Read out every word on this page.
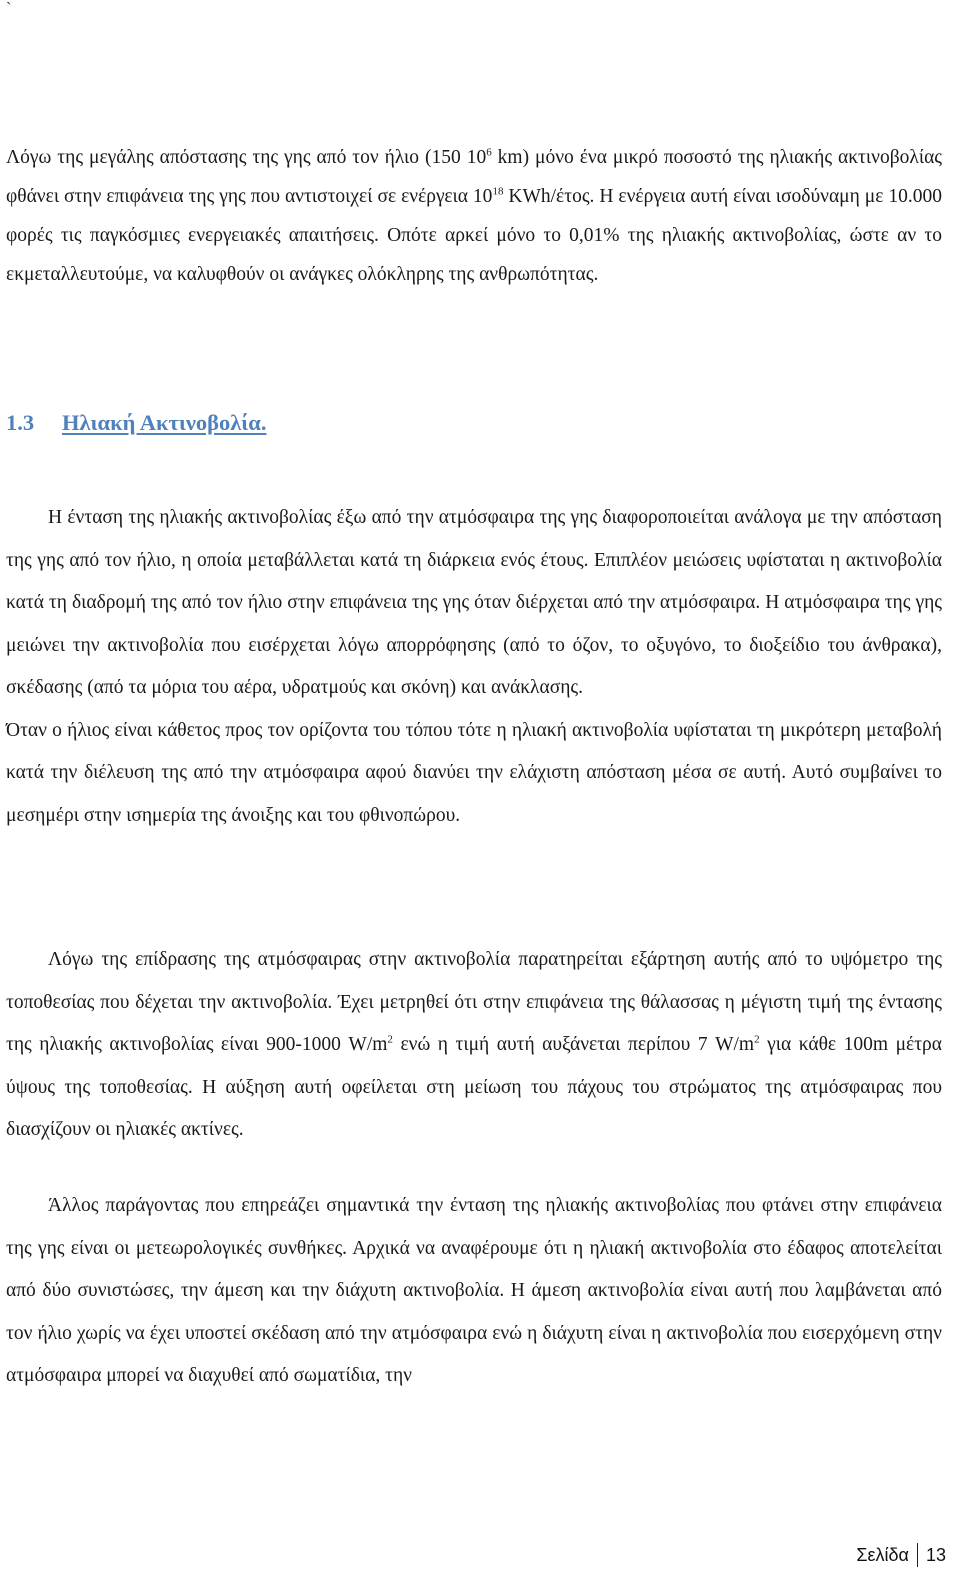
`

Λόγω της μεγάλης απόστασης της γης από τον ήλιο (150 $10^6$ km) μόνο ένα μικρό ποσοστό της ηλιακής ακτινοβολίας φθάνει στην επιφάνεια της γης που αντιστοιχεί σε ενέργεια $10^{18}$ KWh/έτος. Η ενέργεια αυτή είναι ισοδύναμη με 10.000 φορές τις παγκόσμιες ενεργειακές απαιτήσεις. Οπότε αρκεί μόνο το 0,01% της ηλιακής ακτινοβολίας, ώστε αν το εκμεταλλευτούμε, να καλυφθούν οι ανάγκες ολόκληρης της ανθρωπότητας.

1.3 Ηλιακή Ακτινοβολία.

Η ένταση της ηλιακής ακτινοβολίας έξω από την ατμόσφαιρα της γης διαφοροποιείται ανάλογα με την απόσταση της γης από τον ήλιο, η οποία μεταβάλλεται κατά τη διάρκεια ενός έτους. Επιπλέον μειώσεις υφίσταται η ακτινοβολία κατά τη διαδρομή της από τον ήλιο στην επιφάνεια της γης όταν διέρχεται από την ατμόσφαιρα. Η ατμόσφαιρα της γης μειώνει την ακτινοβολία που εισέρχεται λόγω απορρόφησης (από το όζον, το οξυγόνο, το διοξείδιο του άνθρακα), σκέδασης (από τα μόρια του αέρα, υδρατμούς και σκόνη) και ανάκλασης.
Όταν ο ήλιος είναι κάθετος προς τον ορίζοντα του τόπου τότε η ηλιακή ακτινοβολία υφίσταται τη μικρότερη μεταβολή κατά την διέλευση της από την ατμόσφαιρα αφού διανύει την ελάχιστη απόσταση μέσα σε αυτή. Αυτό συμβαίνει το μεσημέρι στην ισημερία της άνοιξης και του φθινοπώρου.

Λόγω της επίδρασης της ατμόσφαιρας στην ακτινοβολία παρατηρείται εξάρτηση αυτής από το υψόμετρο της τοποθεσίας που δέχεται την ακτινοβολία. Έχει μετρηθεί ότι στην επιφάνεια της θάλασσας η μέγιστη τιμή της έντασης της ηλιακής ακτινοβολίας είναι 900-1000 $W/m^2$ ενώ η τιμή αυτή αυξάνεται περίπου 7 $W/m^2$ για κάθε 100m μέτρα ύψους της τοποθεσίας. Η αύξηση αυτή οφείλεται στη μείωση του πάχους του στρώματος της ατμόσφαιρας που διασχίζουν οι ηλιακές ακτίνες.

Άλλος παράγοντας που επηρεάζει σημαντικά την ένταση της ηλιακής ακτινοβολίας που φτάνει στην επιφάνεια της γης είναι οι μετεωρολογικές συνθήκες. Αρχικά να αναφέρουμε ότι η ηλιακή ακτινοβολία στο έδαφος αποτελείται από δύο συνιστώσες, την άμεση και την διάχυτη ακτινοβολία. Η άμεση ακτινοβολία είναι αυτή που λαμβάνεται από τον ήλιο χωρίς να έχει υποστεί σκέδαση από την ατμόσφαιρα ενώ η διάχυτη είναι η ακτινοβολία που εισερχόμενη στην ατμόσφαιρα μπορεί να διαχυθεί από σωματίδια, την

Σελίδα 13
